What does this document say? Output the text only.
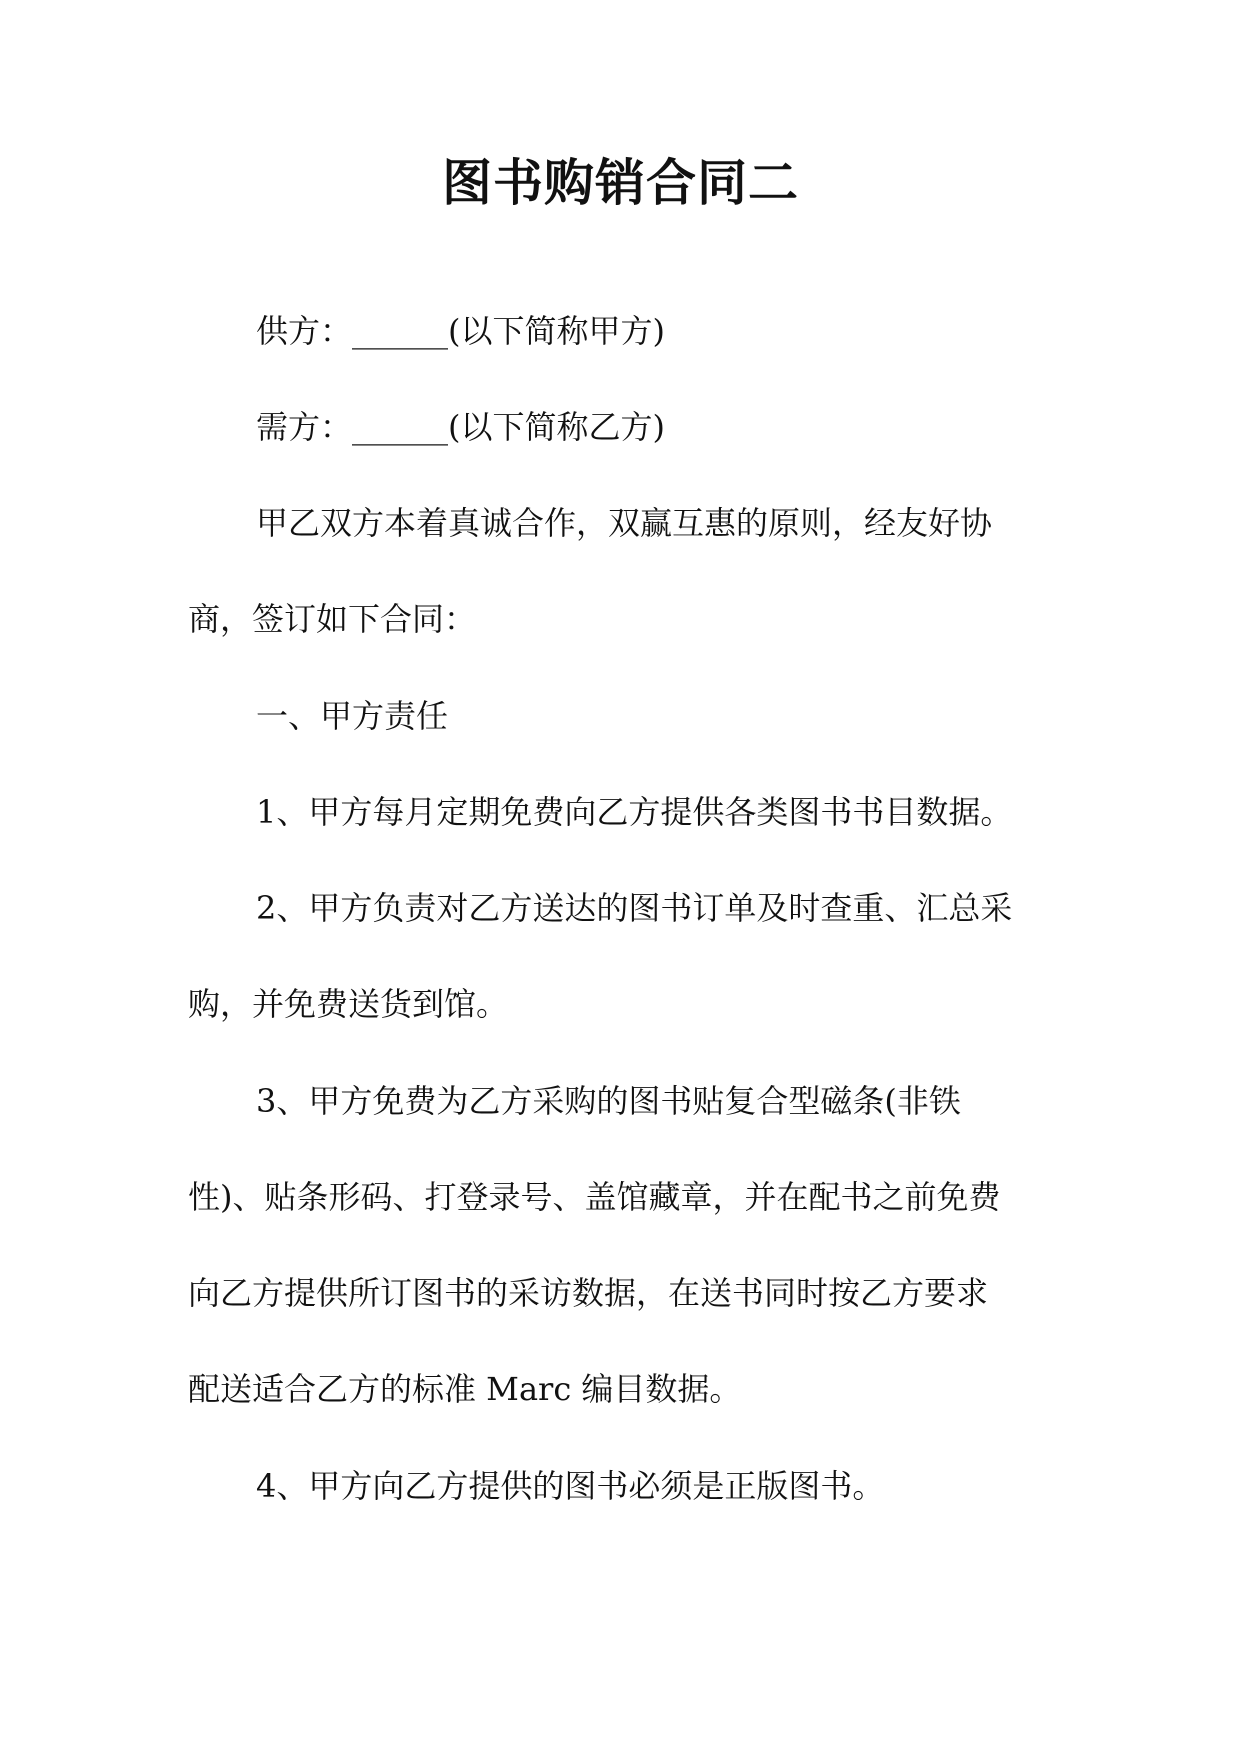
图书购销合同二

供方：______(以下简称甲方)

需方：______(以下简称乙方)

甲乙双方本着真诚合作，双赢互惠的原则，经友好协

商，签订如下合同：

一、甲方责任

1、甲方每月定期免费向乙方提供各类图书书目数据。

2、甲方负责对乙方送达的图书订单及时查重、汇总采

购，并免费送货到馆。

3、甲方免费为乙方采购的图书贴复合型磁条(非铁

性)、贴条形码、打登录号、盖馆藏章，并在配书之前免费

向乙方提供所订图书的采访数据，在送书同时按乙方要求

配送适合乙方的标准 Marc 编目数据。

4、甲方向乙方提供的图书必须是正版图书。
